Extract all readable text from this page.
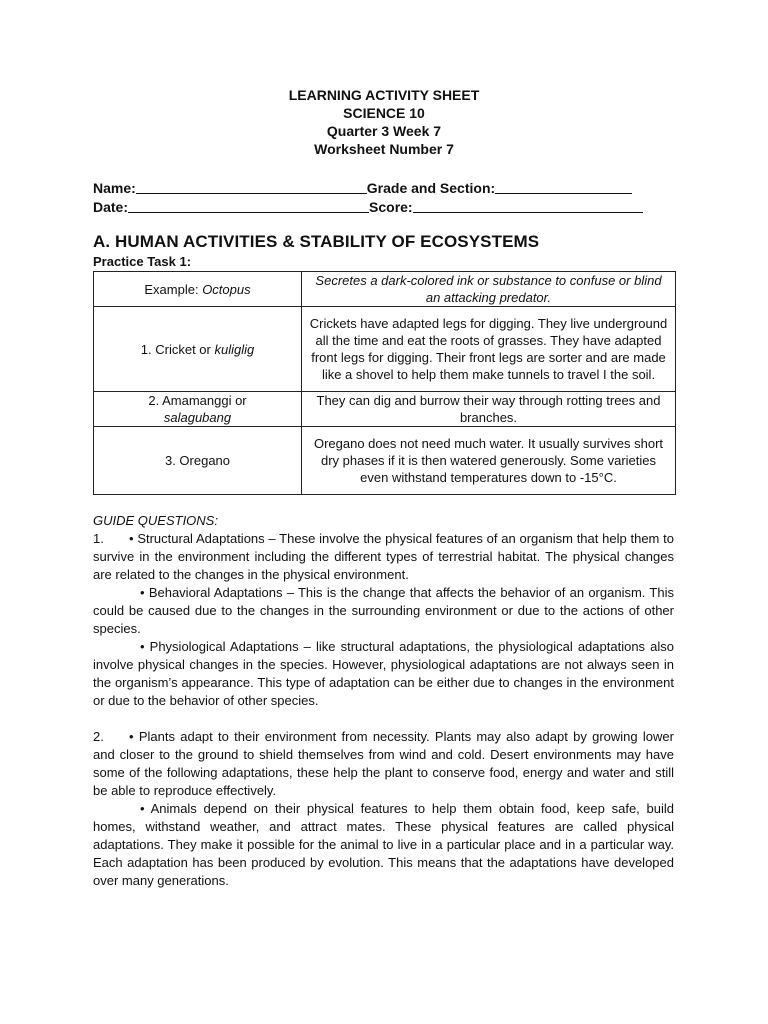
LEARNING ACTIVITY SHEET
SCIENCE 10
Quarter 3 Week 7
Worksheet Number 7
Name:	Grade and Section:
Date:	Score:
A. HUMAN ACTIVITIES & STABILITY OF ECOSYSTEMS
Practice Task 1:
Example: Octopus	Secretes a dark-colored ink or substance to confuse or blind an attacking predator.
1. Cricket or kuliglig	Crickets have adapted legs for digging. They live underground all the time and eat the roots of grasses. They have adapted front legs for digging. Their front legs are sorter and are made like a shovel to help them make tunnels to travel I the soil.

2. Amamanggi or
salagubang	They can dig and burrow their way through rotting trees and branches.
3. Oregano	Oregano does not need much water. It usually survives short dry phases if it is then watered generously. Some varieties even withstand temperatures down to -15°C.

GUIDE QUESTIONS:

1. • Structural Adaptations – These involve the physical features of an organism that help them to survive in the environment including the different types of terrestrial habitat. The physical changes are related to the changes in the physical environment.

• Behavioral Adaptations – This is the change that affects the behavior of an organism. This could be caused due to the changes in the surrounding environment or due to the actions of other species.

• Physiological Adaptations – like structural adaptations, the physiological adaptations also involve physical changes in the species. However, physiological adaptations are not always seen in the organism’s appearance. This type of adaptation can be either due to changes in the environment or due to the behavior of other species.

2. • Plants adapt to their environment from necessity. Plants may also adapt by growing lower and closer to the ground to shield themselves from wind and cold. Desert environments may have some of the following adaptations, these help the plant to conserve food, energy and water and still be able to reproduce effectively.

• Animals depend on their physical features to help them obtain food, keep safe, build homes, withstand weather, and attract mates. These physical features are called physical adaptations. They make it possible for the animal to live in a particular place and in a particular way. Each adaptation has been produced by evolution. This means that the adaptations have developed over many generations.
